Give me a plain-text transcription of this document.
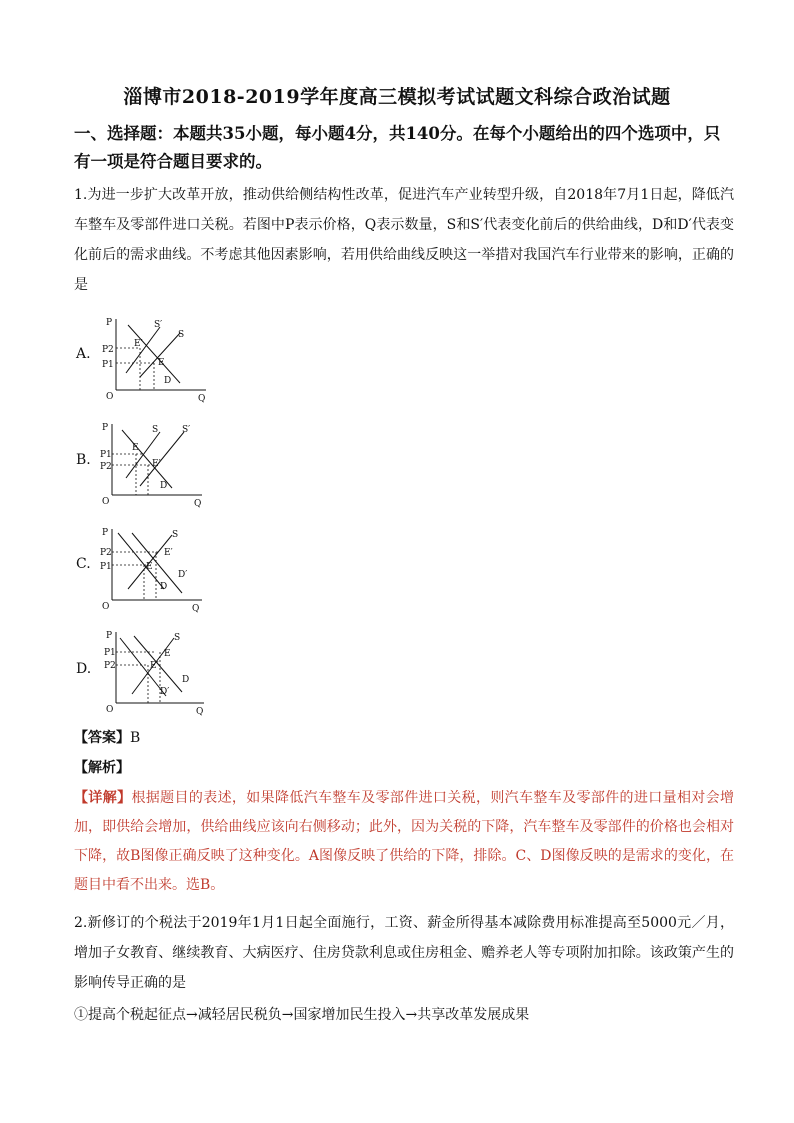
淄博市2018-2019学年度高三模拟考试试题文科综合政治试题
一、选择题：本题共35小题，每小题4分，共140分。在每个小题给出的四个选项中，只有一项是符合题目要求的。
1.为进一步扩大改革开放，推动供给侧结构性改革，促进汽车产业转型升级，自2018年7月1日起，降低汽车整车及零部件进口关税。若图中P表示价格，Q表示数量，S和S′代表变化前后的供给曲线，D和D′代表变化前后的需求曲线。不考虑其他因素影响，若用供给曲线反映这一举措对我国汽车行业带来的影响，正确的是
A.
P
Q
O
P2
P1
S′
S
D
E′
E
B.
P
Q
O
P1
P2
S	S′
D
E
E′
C.
P
Q
O
P2
P1
S
D
D′
E′
E
D.
P
Q
O
P1
P2
S
D
D′
E
E′
【答案】B
【解析】
【详解】根据题目的表述，如果降低汽车整车及零部件进口关税，则汽车整车及零部件的进口量相对会增加，即供给会增加，供给曲线应该向右侧移动；此外，因为关税的下降，汽车整车及零部件的价格也会相对下降，故B图像正确反映了这种变化。A图像反映了供给的下降，排除。C、D图像反映的是需求的变化，在题目中看不出来。选B。
2.新修订的个税法于2019年1月1日起全面施行，工资、薪金所得基本减除费用标准提高至5000元／月，增加子女教育、继续教育、大病医疗、住房贷款利息或住房租金、赡养老人等专项附加扣除。该政策产生的影响传导正确的是
①提高个税起征点→减轻居民税负→国家增加民生投入→共享改革发展成果
